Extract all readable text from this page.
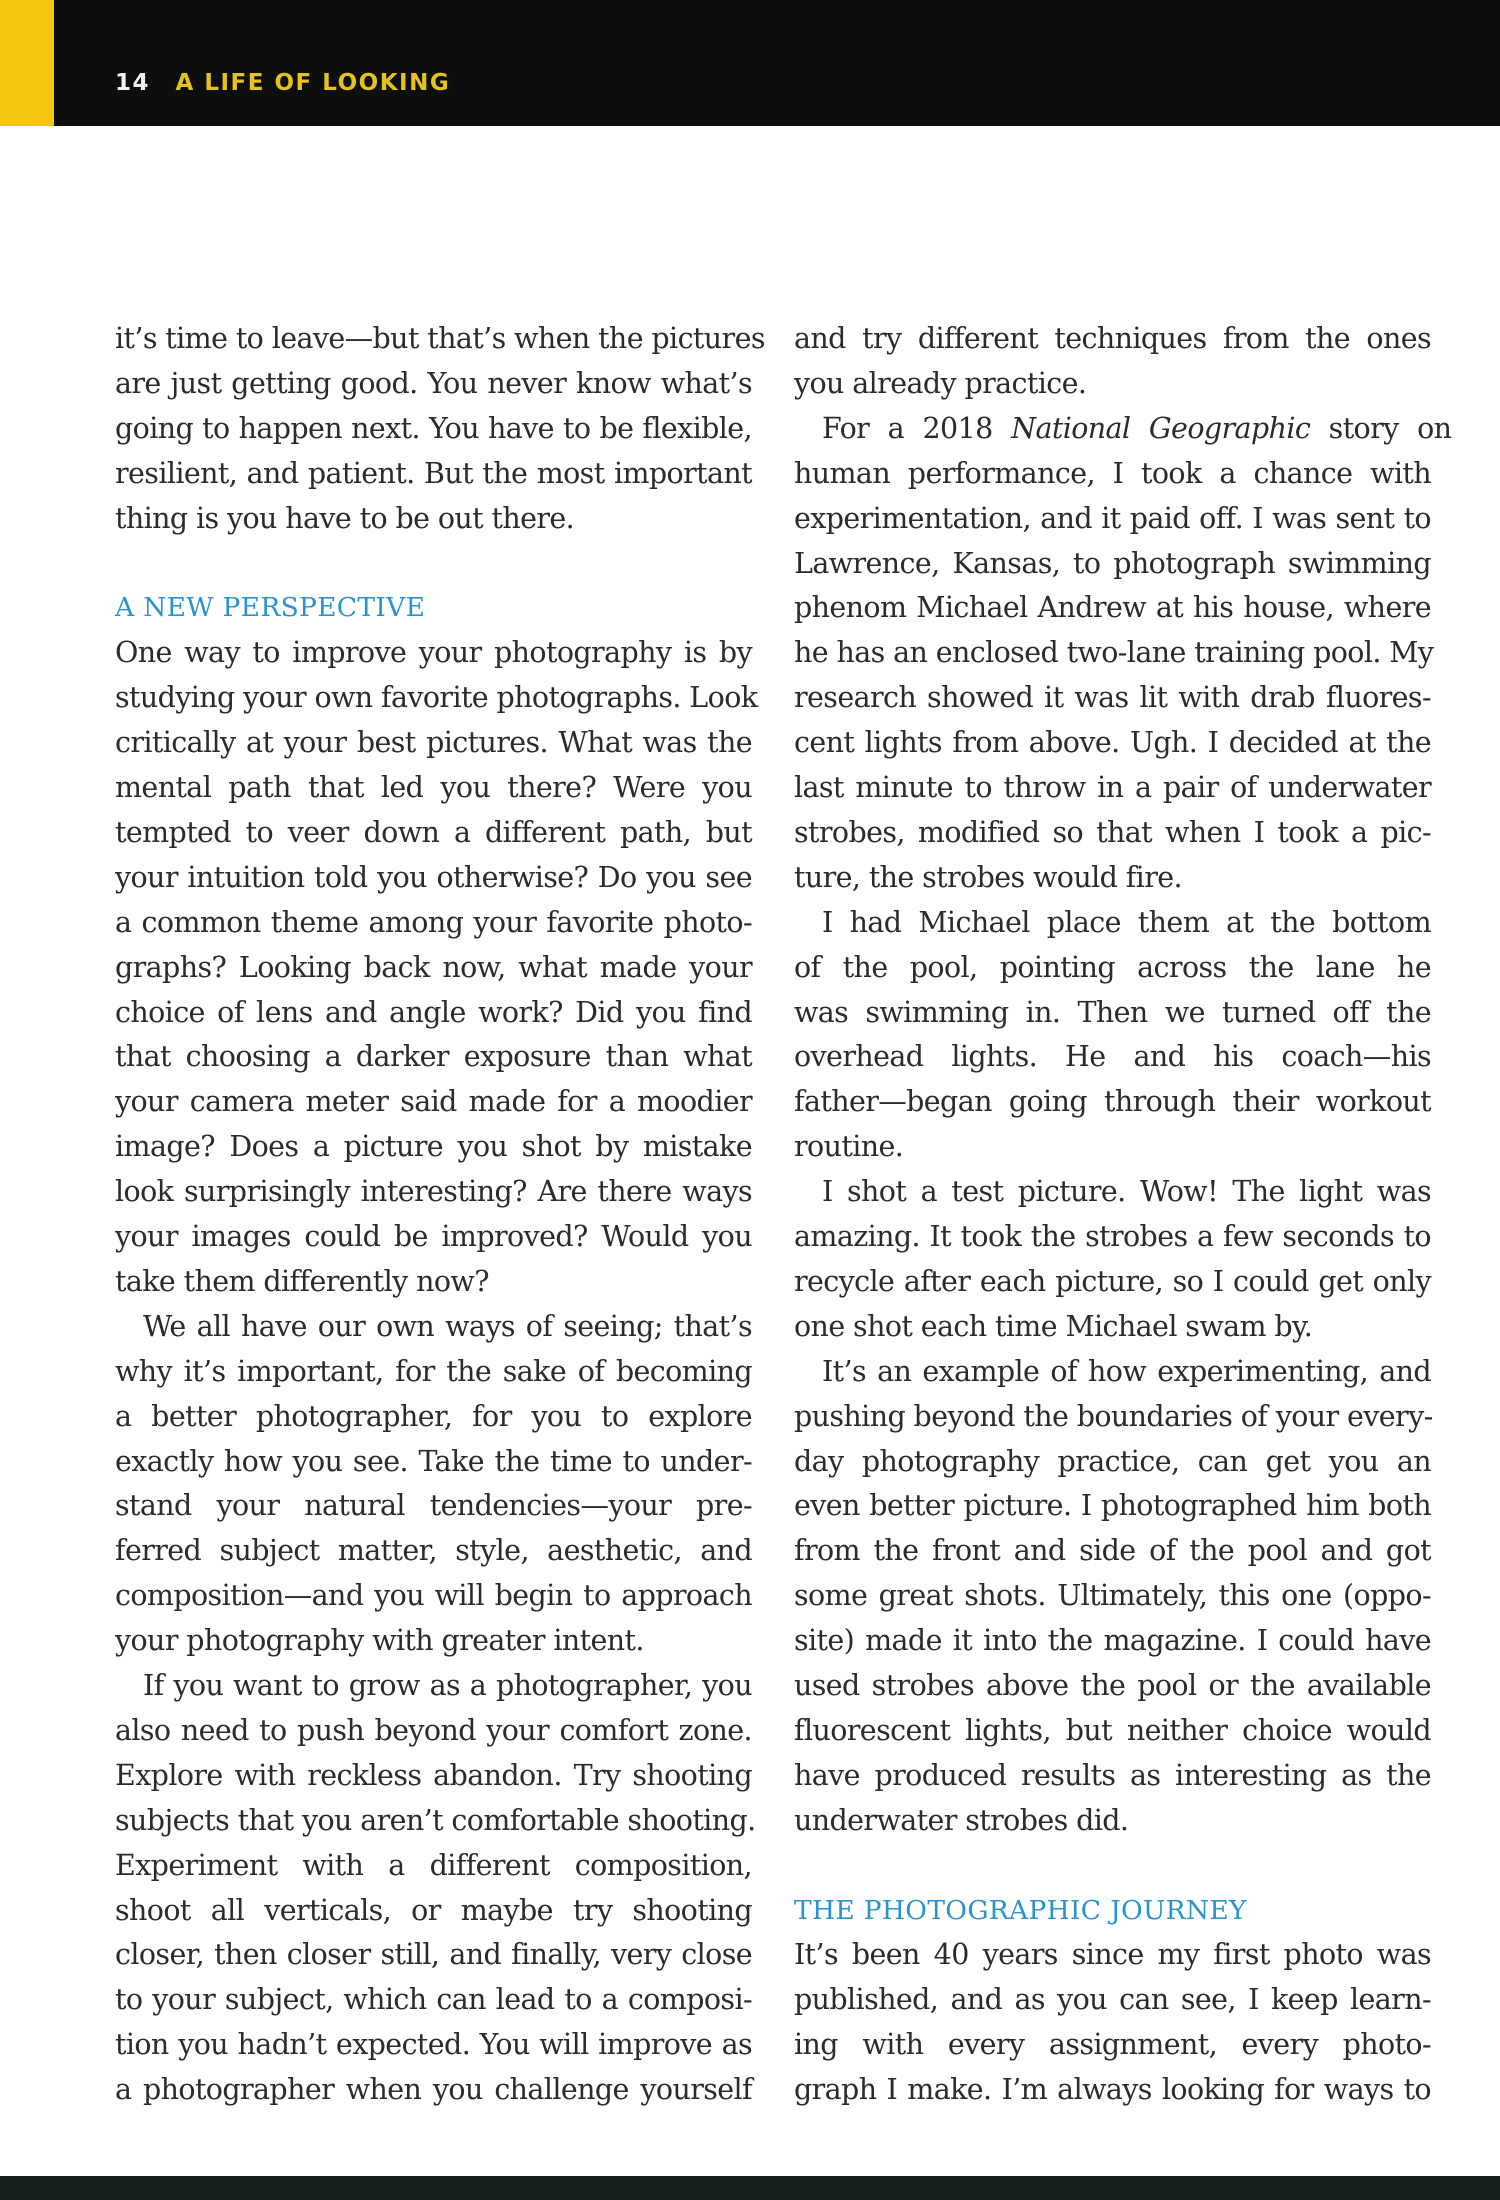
14 A LIFE OF LOOKING
it’s time to leave—but that’s when the pictures
are just getting good. You never know what’s
going to happen next. You have to be flexible,
resilient, and patient. But the most important
thing is you have to be out there.
A NEW PERSPECTIVE
One way to improve your photography is by
studying your own favorite photographs. Look
critically at your best pictures. What was the
mental path that led you there? Were you
tempted to veer down a different path, but
your intuition told you otherwise? Do you see
a common theme among your favorite photo-
graphs? Looking back now, what made your
choice of lens and angle work? Did you find
that choosing a darker exposure than what
your camera meter said made for a moodier
image? Does a picture you shot by mistake
look surprisingly interesting? Are there ways
your images could be improved? Would you
take them differently now?
We all have our own ways of seeing; that’s
why it’s important, for the sake of becoming
a better photographer, for you to explore
exactly how you see. Take the time to under-
stand your natural tendencies—your pre-
ferred subject matter, style, aesthetic, and
composition—and you will begin to approach
your photography with greater intent.
If you want to grow as a photographer, you
also need to push beyond your comfort zone.
Explore with reckless abandon. Try shooting
subjects that you aren’t comfortable shooting.
Experiment with a different composition,
shoot all verticals, or maybe try shooting
closer, then closer still, and finally, very close
to your subject, which can lead to a composi-
tion you hadn’t expected. You will improve as
a photographer when you challenge yourself
and try different techniques from the ones
you already practice.
For a 2018 National Geographic story on
human performance, I took a chance with
experimentation, and it paid off. I was sent to
Lawrence, Kansas, to photograph swimming
phenom Michael Andrew at his house, where
he has an enclosed two-lane training pool. My
research showed it was lit with drab fluores-
cent lights from above. Ugh. I decided at the
last minute to throw in a pair of underwater
strobes, modified so that when I took a pic-
ture, the strobes would fire.
I had Michael place them at the bottom
of the pool, pointing across the lane he
was swimming in. Then we turned off the
overhead lights. He and his coach—his
father—began going through their workout
routine.
I shot a test picture. Wow! The light was
amazing. It took the strobes a few seconds to
recycle after each picture, so I could get only
one shot each time Michael swam by.
It’s an example of how experimenting, and
pushing beyond the boundaries of your every-
day photography practice, can get you an
even better picture. I photographed him both
from the front and side of the pool and got
some great shots. Ultimately, this one (oppo-
site) made it into the magazine. I could have
used strobes above the pool or the available
fluorescent lights, but neither choice would
have produced results as interesting as the
underwater strobes did.
THE PHOTOGRAPHIC JOURNEY
It’s been 40 years since my first photo was
published, and as you can see, I keep learn-
ing with every assignment, every photo-
graph I make. I’m always looking for ways to
